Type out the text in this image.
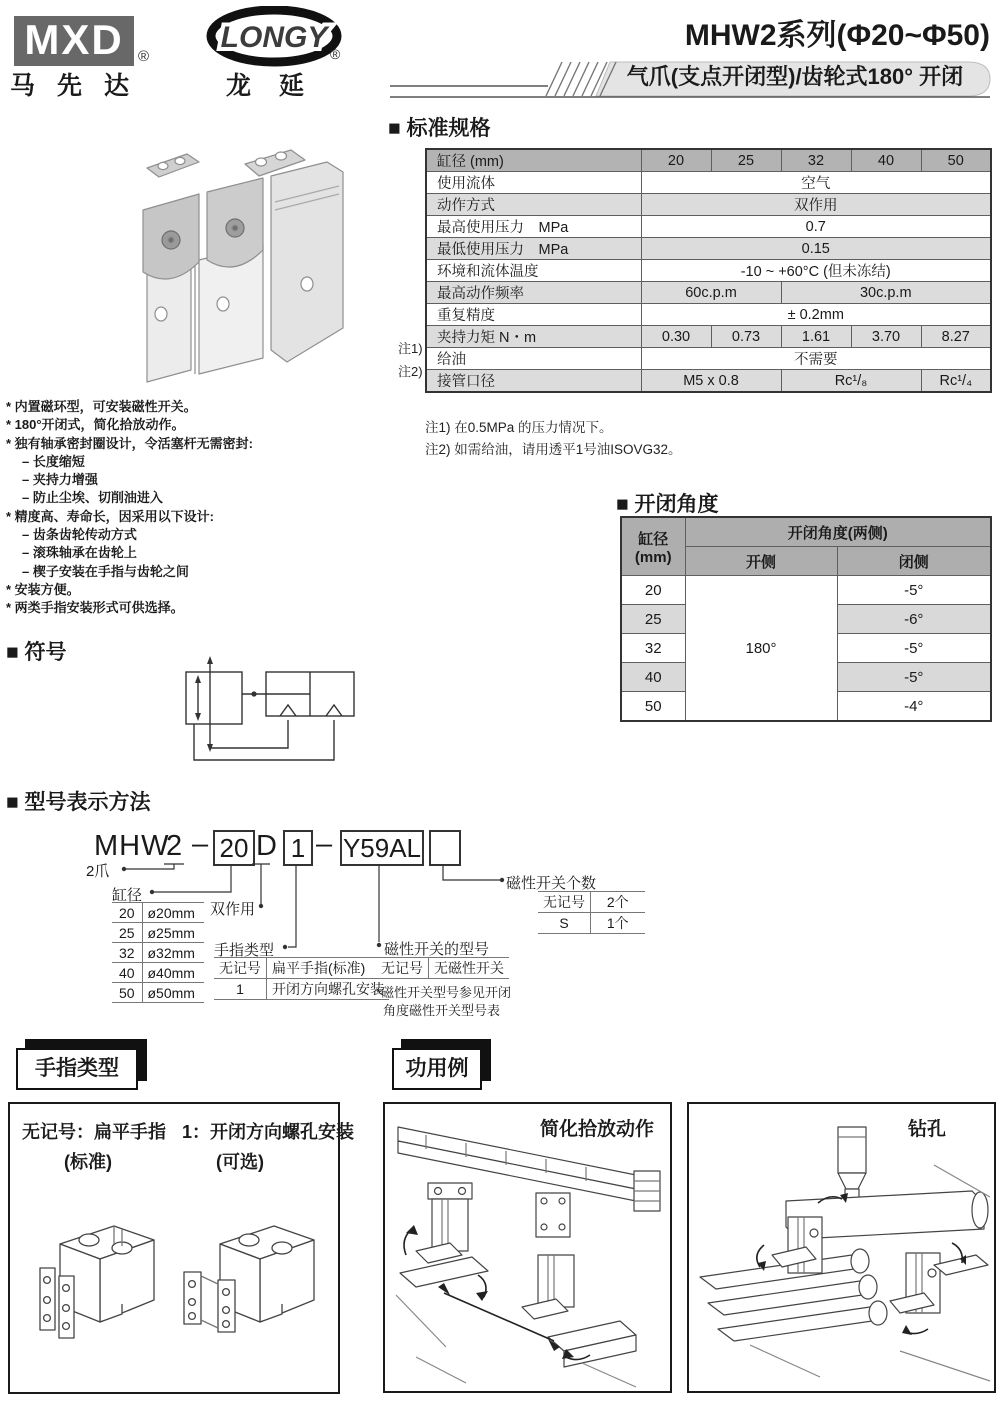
MXD ®
马先达
LONGY ®
龙延
MHW2系列(Φ20~Φ50)
气爪(支点开闭型)/齿轮式180° 开闭
■ 标准规格
缸径 (mm)	20	25	32	40	50
使用流体	空气				
动作方式	双作用				
最高使用压力　MPa	0.7				
最低使用压力　MPa	0.15				
环境和流体温度	-10 ~ +60°C (但未冻结)				
最高动作频率	60c.p.m		30c.p.m		
重复精度	± 0.2mm				
夹持力矩 N・m	0.30	0.73	1.61	3.70	8.27
给油	不需要				
接管口径	M5 x 0.8		Rc¹/₈		Rc¹/₄
注1)
注2)
注1) 在0.5MPa 的压力情况下。
注2) 如需给油，请用透平1号油ISOVG32。
* 内置磁环型，可安装磁性开关。
* 180°开闭式，简化拾放动作。
* 独有轴承密封圈设计，令活塞杆无需密封:
– 长度缩短
– 夹持力增强
– 防止尘埃、切削油进入
* 精度高、寿命长，因采用以下设计:
– 齿条齿轮传动方式
– 滚珠轴承在齿轮上
– 楔子安装在手指与齿轮之间
* 安装方便。
* 两类手指安装形式可供选择。
■ 开闭角度
缸径
(mm)	开闭角度(两侧)	
	开侧	闭侧
20	180°	-5°
25		-6°
32		-5°
40		-5°
50		-4°
■ 符号
■ 型号表示方法
MHW
2 – 20 D 1 – Y59AL
2爪
缸径
20	ø20mm
25	ø25mm
32	ø32mm
40	ø40mm
50	ø50mm
双作用
手指类型
无记号	扁平手指(标准)
1	开闭方向螺孔安装
磁性开关的型号
无记号	无磁性开关
*磁性开关型号参见开闭
角度磁性开关型号表
磁性开关个数
无记号	2个
S	1个
手指类型
无记号：扁平手指 1：开闭方向螺孔安装
(标准)	(可选)
功用例
简化拾放动作	钻孔
